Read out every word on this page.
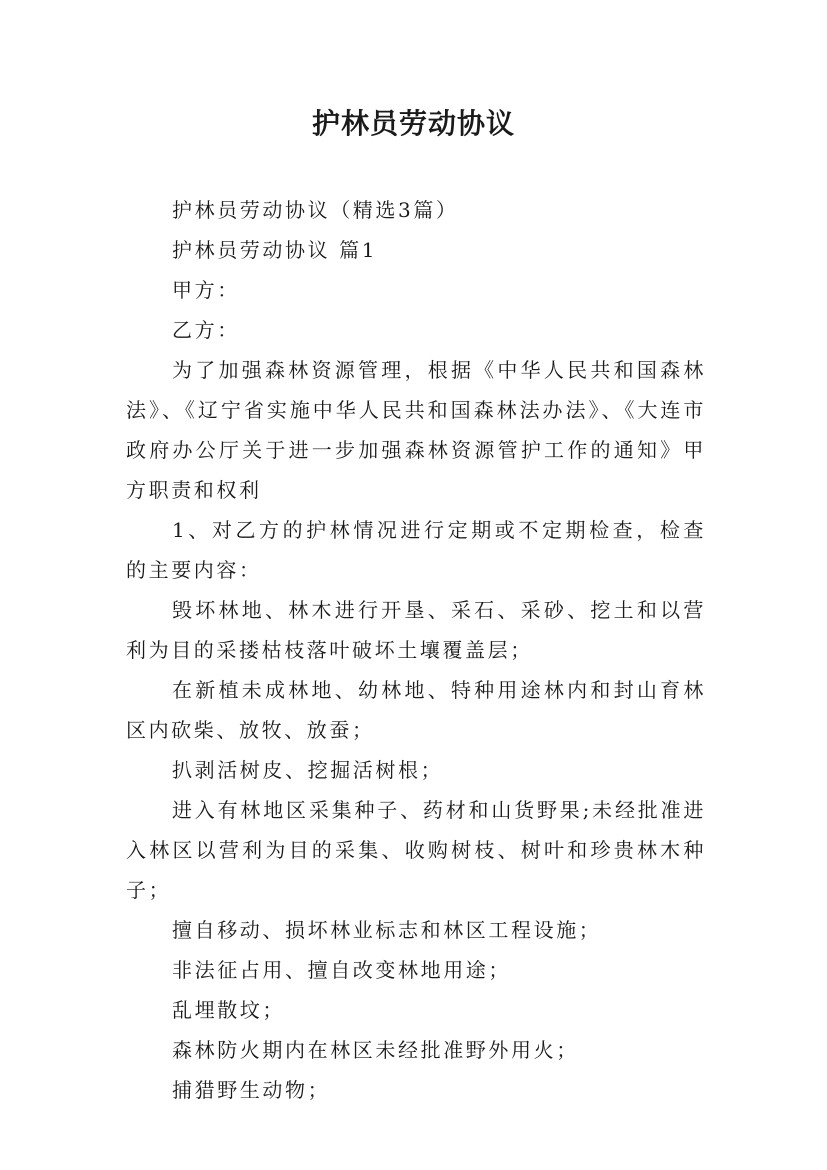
护林员劳动协议

护林员劳动协议（精选3篇）

护林员劳动协议 篇1

甲方：

乙方：

为了加强森林资源管理，根据《中华人民共和国森林法》、《辽宁省实施中华人民共和国森林法办法》、《大连市政府办公厅关于进一步加强森林资源管护工作的通知》甲方职责和权利

1、对乙方的护林情况进行定期或不定期检查，检查的主要内容：

毁坏林地、林木进行开垦、采石、采砂、挖土和以营利为目的采搂枯枝落叶破坏土壤覆盖层；

在新植未成林地、幼林地、特种用途林内和封山育林区内砍柴、放牧、放蚕；

扒剥活树皮、挖掘活树根；

进入有林地区采集种子、药材和山货野果;未经批准进入林区以营利为目的采集、收购树枝、树叶和珍贵林木种子；

擅自移动、损坏林业标志和林区工程设施；

非法征占用、擅自改变林地用途；

乱埋散坟；

森林防火期内在林区未经批准野外用火；

捕猎野生动物；
